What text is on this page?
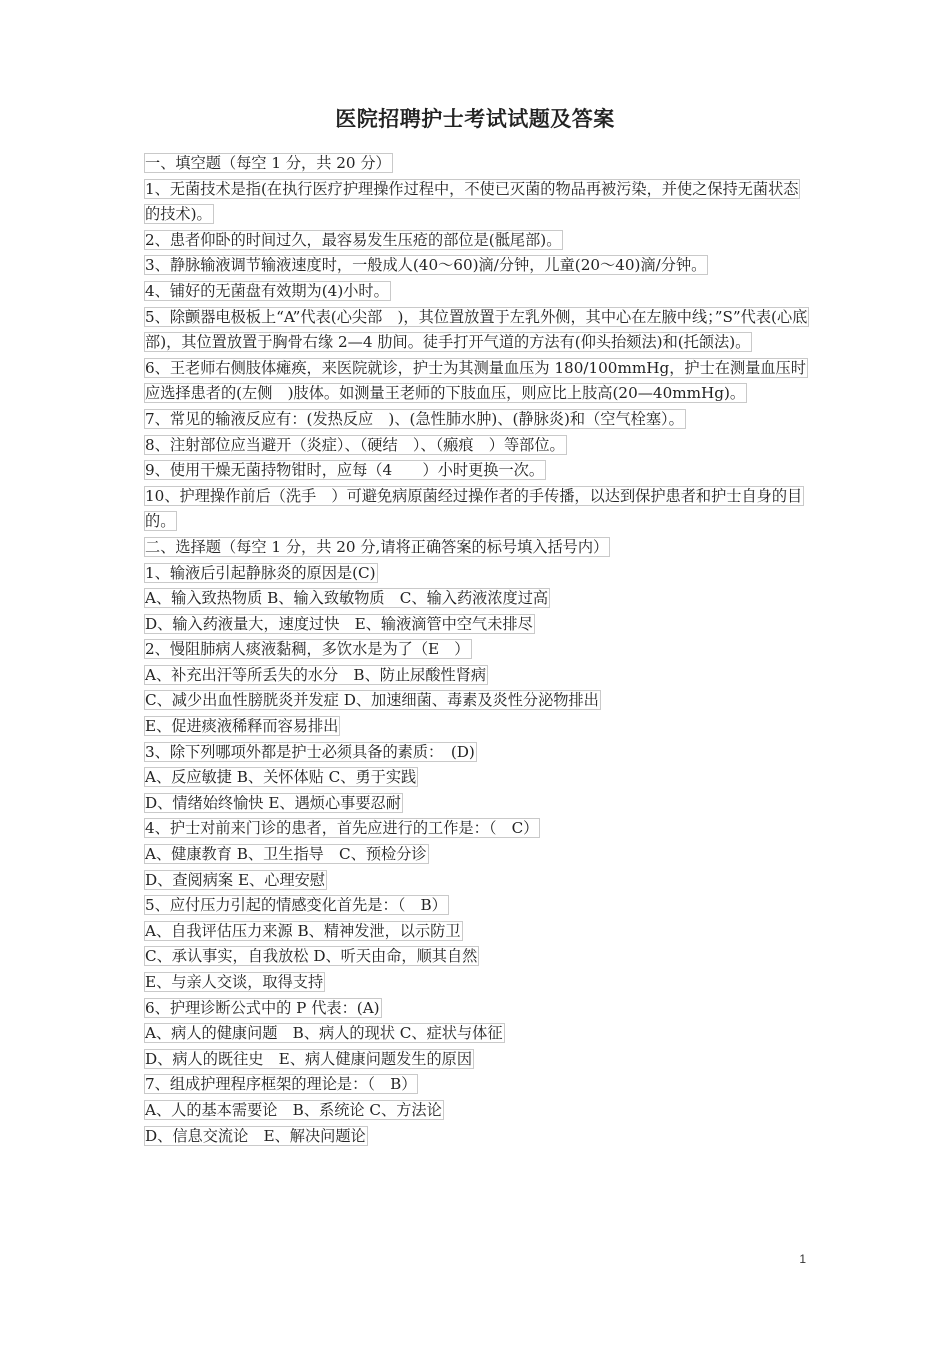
医院招聘护士考试试题及答案
一、填空题（每空 1 分，共 20 分）
1、无菌技术是指(在执行医疗护理操作过程中，不使已灭菌的物品再被污染，并使之保持无菌状态的技术)。
2、患者仰卧的时间过久，最容易发生压疮的部位是(骶尾部)。
3、静脉输液调节输液速度时，一般成人(40～60)滴/分钟，儿童(20～40)滴/分钟。
4、铺好的无菌盘有效期为(4)小时。
5、除颤器电极板上“A”代表(心尖部　)，其位置放置于左乳外侧，其中心在左腋中线；”S”代表(心底部)，其位置放置于胸骨右缘 2—4 肋间。徒手打开气道的方法有(仰头抬颏法)和(托颌法)。
6、王老师右侧肢体瘫痪，来医院就诊，护士为其测量血压为 180/100mmHg，护士在测量血压时应选择患者的(左侧　)肢体。如测量王老师的下肢血压，则应比上肢高(20—40mmHg)。
7、常见的输液反应有：(发热反应　)、(急性肺水肿)、(静脉炎)和（空气栓塞）。
8、注射部位应当避开（炎症）、（硬结　）、（瘢痕　）等部位。
9、使用干燥无菌持物钳时，应每（4　　）小时更换一次。
10、护理操作前后（洗手　）可避免病原菌经过操作者的手传播，以达到保护患者和护士自身的目的。
二、选择题（每空 1 分，共 20 分,请将正确答案的标号填入括号内）
1、输液后引起静脉炎的原因是(C)
A、输入致热物质 B、输入致敏物质　C、输入药液浓度过高
D、输入药液量大，速度过快　E、输液滴管中空气未排尽
2、慢阻肺病人痰液黏稠，多饮水是为了（E　）
A、补充出汗等所丢失的水分　B、防止尿酸性肾病
C、减少出血性膀胱炎并发症 D、加速细菌、毒素及炎性分泌物排出
E、促进痰液稀释而容易排出
3、除下列哪项外都是护士必须具备的素质：　(D)
A、反应敏捷 B、关怀体贴 C、勇于实践
D、情绪始终愉快 E、遇烦心事要忍耐
4、护士对前来门诊的患者，首先应进行的工作是：（　C）
A、健康教育 B、卫生指导　C、预检分诊
D、查阅病案 E、心理安慰
5、应付压力引起的情感变化首先是：（　B）
A、自我评估压力来源 B、精神发泄，以示防卫
C、承认事实，自我放松 D、听天由命，顺其自然
E、与亲人交谈，取得支持
6、护理诊断公式中的 P 代表：(A)
A、病人的健康问题　B、病人的现状 C、症状与体征
D、病人的既往史　E、病人健康问题发生的原因
7、组成护理程序框架的理论是：（　B）
A、人的基本需要论　B、系统论 C、方法论
D、信息交流论　E、解决问题论
1
